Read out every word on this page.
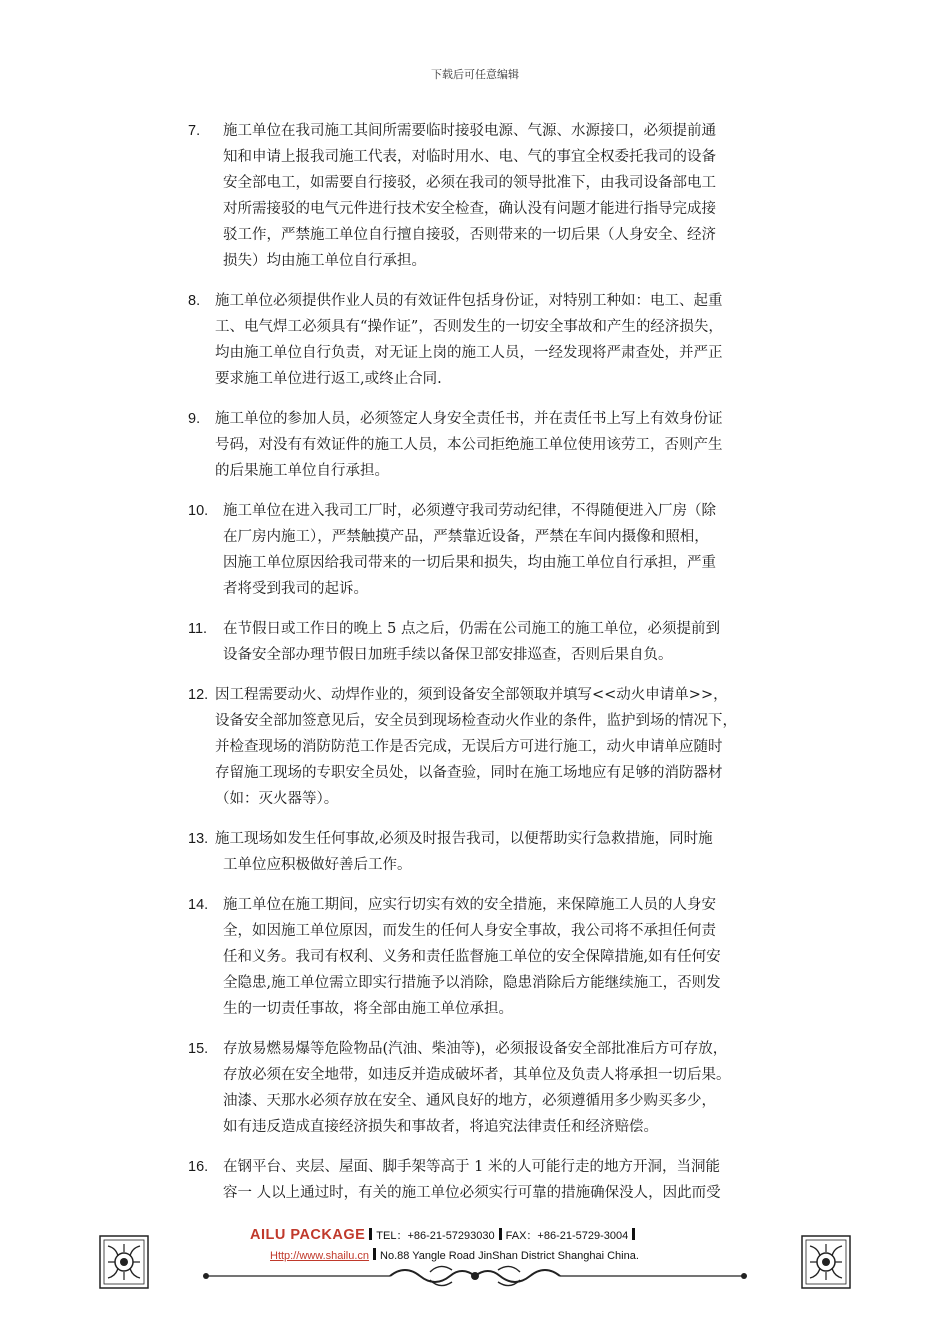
下载后可任意编辑
7.	施工单位在我司施工其间所需要临时接驳电源、气源、水源接口，必须提前通
知和申请上报我司施工代表，对临时用水、电、气的事宜全权委托我司的设备
安全部电工，如需要自行接驳，必须在我司的领导批准下，由我司设备部电工
对所需接驳的电气元件进行技术安全检查，确认没有问题才能进行指导完成接
驳工作，严禁施工单位自行擅自接驳，否则带来的一切后果（人身安全、经济
损失）均由施工单位自行承担。
8.	施工单位必须提供作业人员的有效证件包括身份证，对特别工种如：电工、起重
工、电气焊工必须具有“操作证”，否则发生的一切安全事故和产生的经济损失，
均由施工单位自行负责，对无证上岗的施工人员，一经发现将严肃查处，并严正
要求施工单位进行返工,或终止合同.
9.	施工单位的参加人员，必须签定人身安全责任书，并在责任书上写上有效身份证
号码，对没有有效证件的施工人员，本公司拒绝施工单位使用该劳工，否则产生
的后果施工单位自行承担。
10.	施工单位在进入我司工厂时，必须遵守我司劳动纪律，不得随便进入厂房（除
在厂房内施工），严禁触摸产品，严禁靠近设备，严禁在车间内摄像和照相，
因施工单位原因给我司带来的一切后果和损失，均由施工单位自行承担，严重
者将受到我司的起诉。
11.	在节假日或工作日的晚上 5 点之后，仍需在公司施工的施工单位，必须提前到
设备安全部办理节假日加班手续以备保卫部安排巡查，否则后果自负。
12. 因工程需要动火、动焊作业的，须到设备安全部领取并填写<<动火申请单>>，
设备安全部加签意见后，安全员到现场检查动火作业的条件，监护到场的情况下，
并检查现场的消防防范工作是否完成，无误后方可进行施工，动火申请单应随时
存留施工现场的专职安全员处，以备查验，同时在施工场地应有足够的消防器材
（如：灭火器等）。
13. 施工现场如发生任何事故,必须及时报告我司，以便帮助实行急救措施，同时施
工单位应积极做好善后工作。
14.	施工单位在施工期间，应实行切实有效的安全措施，来保障施工人员的人身安
全，如因施工单位原因，而发生的任何人身安全事故，我公司将不承担任何责
任和义务。我司有权利、义务和责任监督施工单位的安全保障措施,如有任何安
全隐患,施工单位需立即实行措施予以消除，隐患消除后方能继续施工，否则发
生的一切责任事故，将全部由施工单位承担。
15.	存放易燃易爆等危险物品(汽油、柴油等)，必须报设备安全部批准后方可存放，
存放必须在安全地带，如违反并造成破坏者，其单位及负责人将承担一切后果。
油漆、天那水必须存放在安全、通风良好的地方，必须遵循用多少购买多少，
如有违反造成直接经济损失和事故者，将追究法律责任和经济赔偿。
16.	在钢平台、夹层、屋面、脚手架等高于 1 米的人可能行走的地方开洞，当洞能
容一 人以上通过时，有关的施工单位必须实行可靠的措施确保没人，因此而受
AILU PACKAGE TEL：+86-21-57293030 FAX：+86-21-5729-3004
Http://www.shailu.cn No.88 Yangle Road JinShan District Shanghai China.
